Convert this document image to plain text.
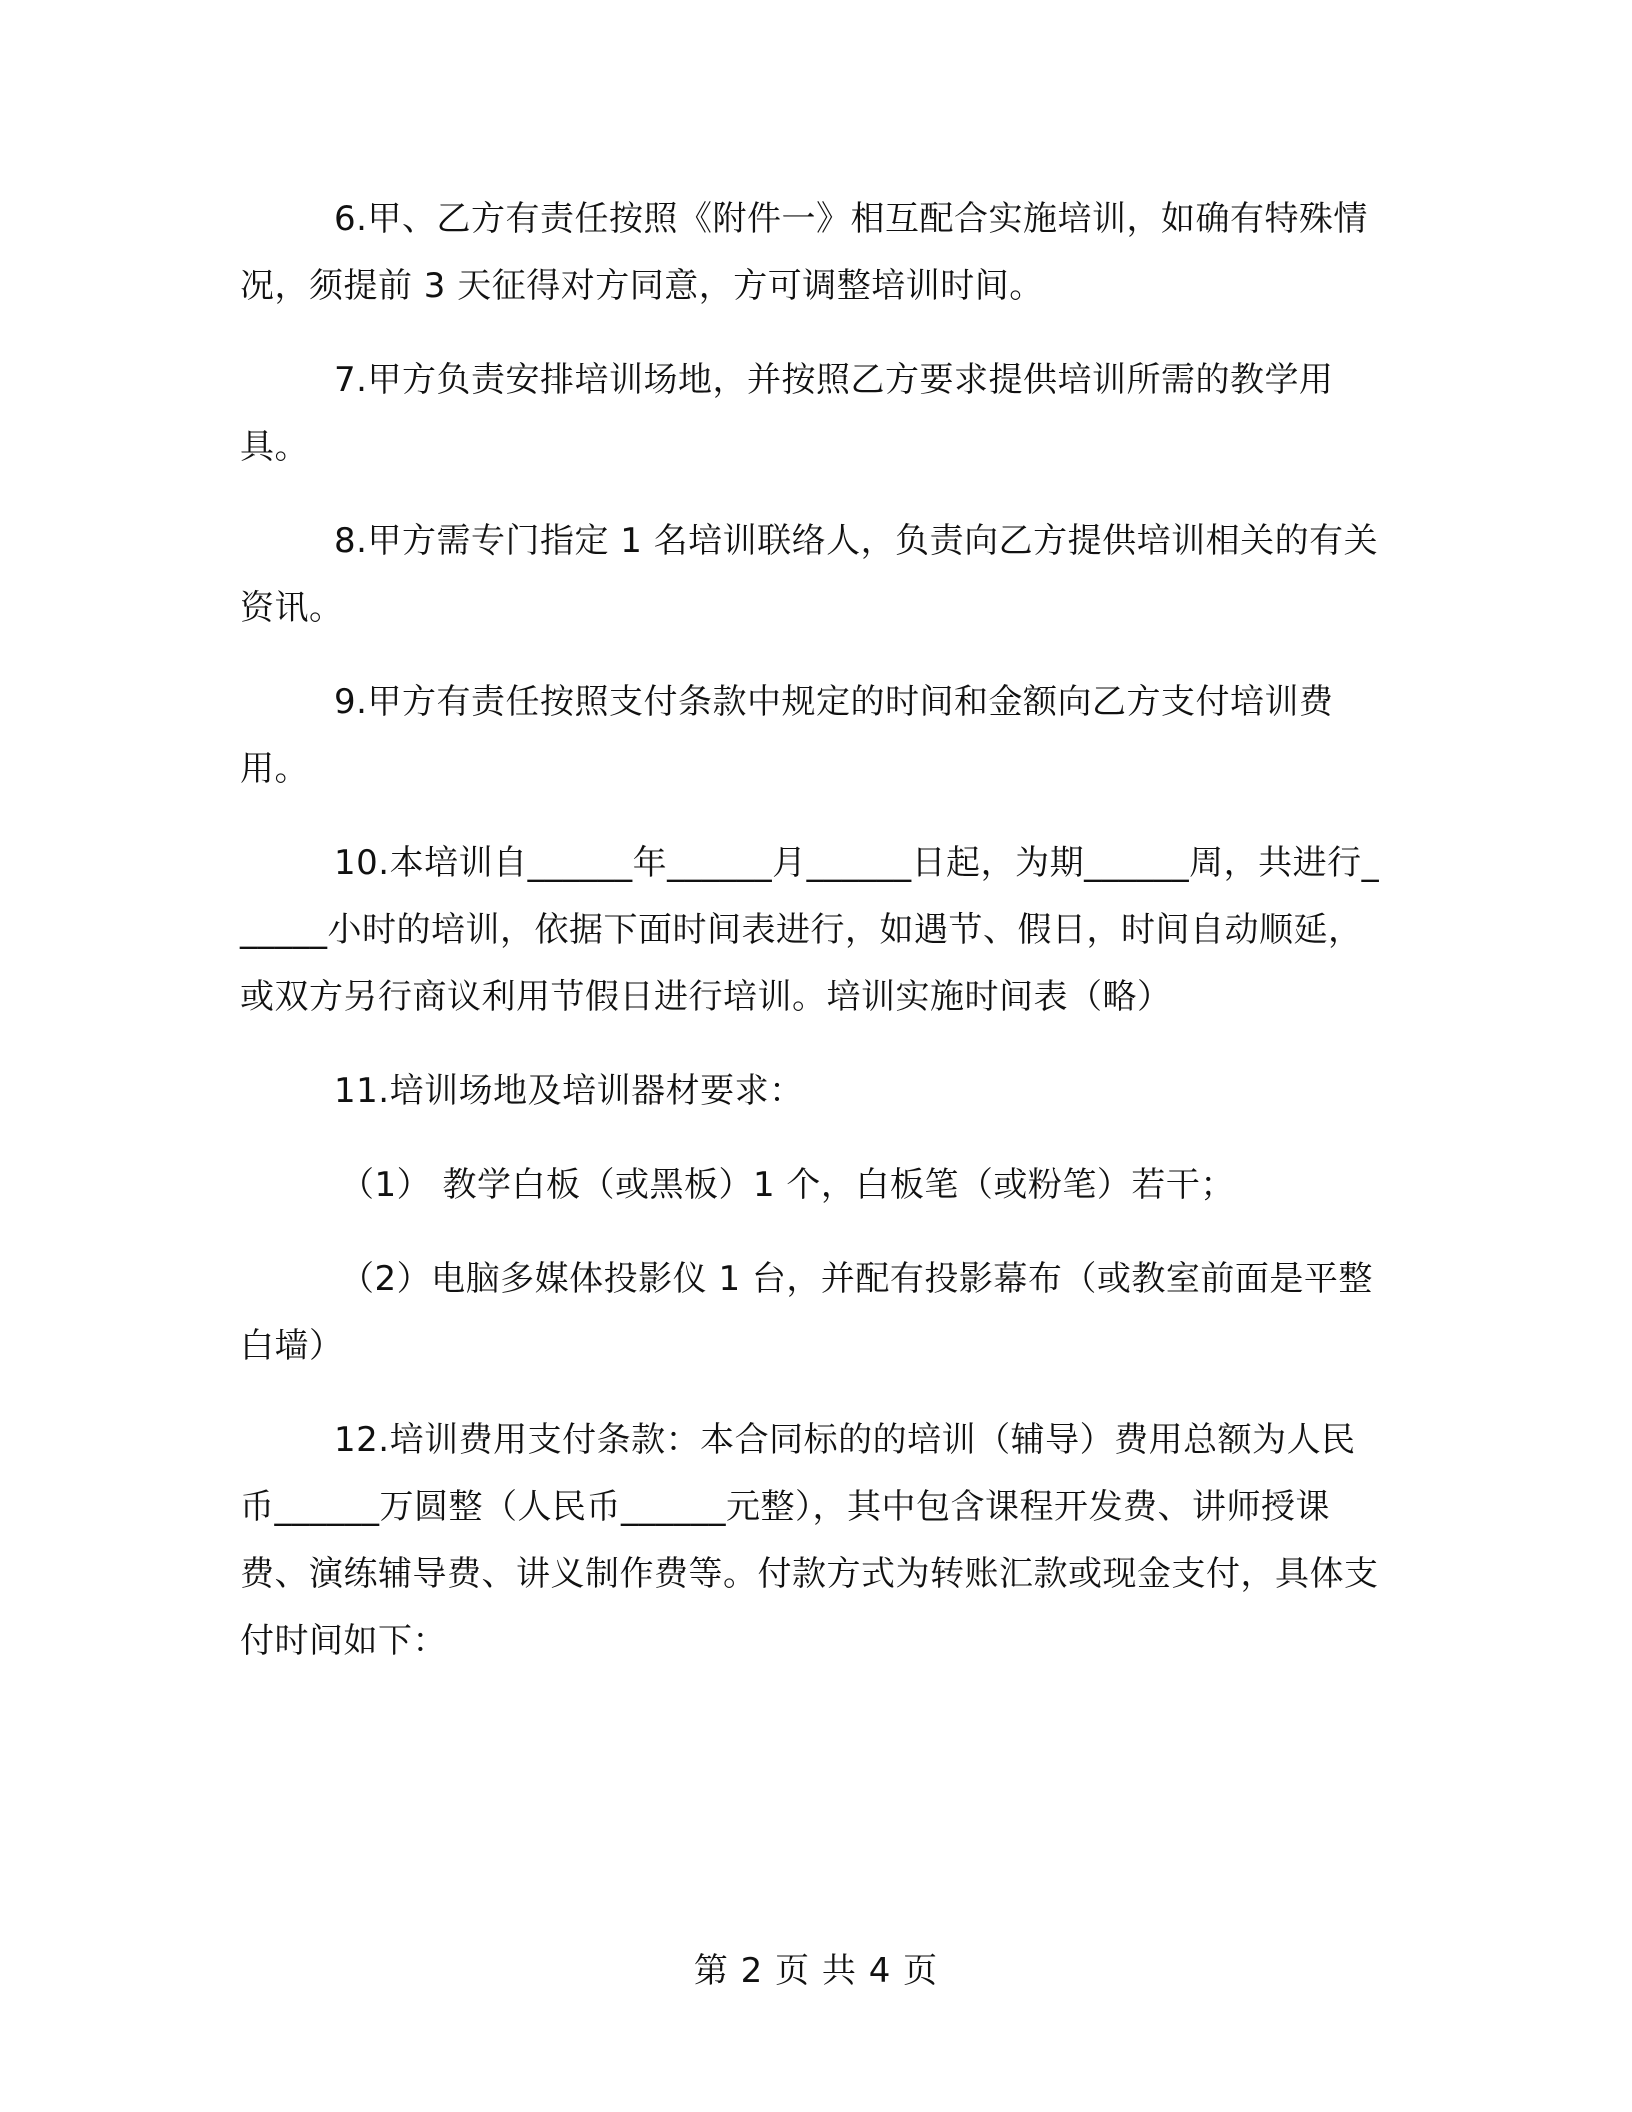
6.甲、乙方有责任按照《附件一》相互配合实施培训，如确有特殊情况，须提前 3 天征得对方同意，方可调整培训时间。

7.甲方负责安排培训场地，并按照乙方要求提供培训所需的教学用具。

8.甲方需专门指定 1 名培训联络人，负责向乙方提供培训相关的有关资讯。

9.甲方有责任按照支付条款中规定的时间和金额向乙方支付培训费用。

10.本培训自______年______月______日起，为期______周，共进行______小时的培训，依据下面时间表进行，如遇节、假日，时间自动顺延，或双方另行商议利用节假日进行培训。培训实施时间表（略）

11.培训场地及培训器材要求：

（1） 教学白板（或黑板）1 个，白板笔（或粉笔）若干；

（2）电脑多媒体投影仪 1 台，并配有投影幕布（或教室前面是平整白墙）

12.培训费用支付条款：本合同标的的培训（辅导）费用总额为人民币______万圆整（人民币______元整），其中包含课程开发费、讲师授课费、演练辅导费、讲义制作费等。付款方式为转账汇款或现金支付，具体支付时间如下：

第 2 页 共 4 页
